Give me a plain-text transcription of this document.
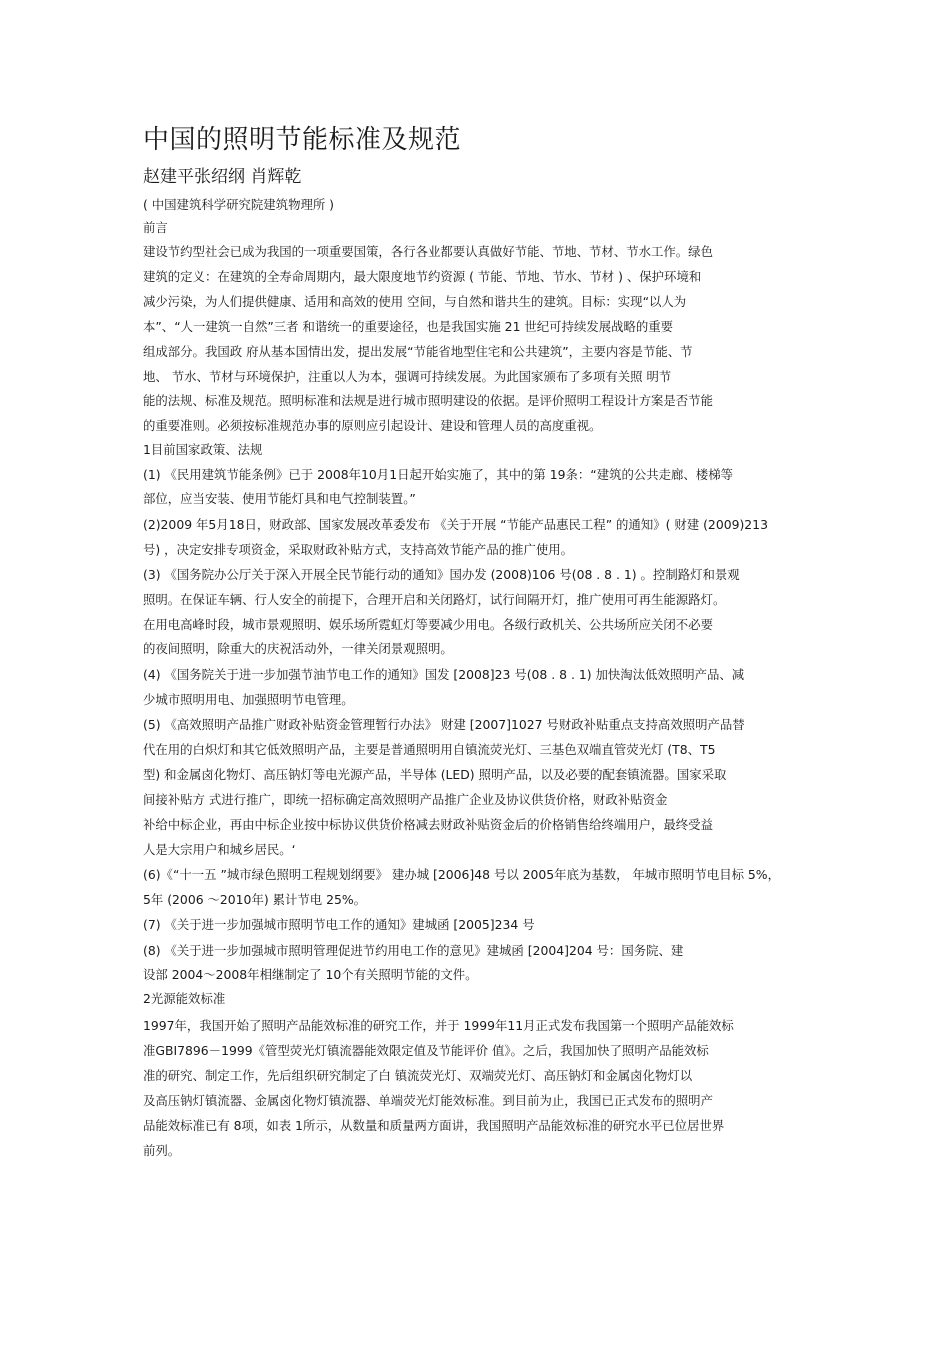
中国的照明节能标准及规范
赵建平张绍纲 肖辉乾
( 中国建筑科学研究院建筑物理所 )
前言
建设节约型社会已成为我国的一项重要国策，各行各业都要认真做好节能、节地、节材、节水工作。绿色
建筑的定义：在建筑的全寿命周期内，最大限度地节约资源 ( 节能、节地、节水、节材 ) 、保护环境和
减少污染，为人们提供健康、适用和高效的使用 空间，与自然和谐共生的建筑。目标：实现“以人为
本”、“人一建筑一自然”三者 和谐统一的重要途径，也是我国实施 21 世纪可持续发展战略的重要
组成部分。我国政 府从基本国情出发，提出发展“节能省地型住宅和公共建筑”，主要内容是节能、节
地、 节水、节材与环境保护，注重以人为本，强调可持续发展。为此国家颁布了多项有关照 明节
能的法规、标准及规范。照明标准和法规是进行城市照明建设的依据。是评价照明工程设计方案是否节能
的重要准则。必须按标准规范办事的原则应引起设计、建设和管理人员的高度重视。
1目前国家政策、法规
(1) 《民用建筑节能条例》已于 2008年10月1日起开始实施了，其中的第 19条：“建筑的公共走廊、楼梯等
部位，应当安装、使用节能灯具和电气控制装置。”
(2)2009 年5月18日，财政部、国家发展改革委发布 《关于开展 “节能产品惠民工程” 的通知》( 财建 (2009)213
号) ，决定安排专项资金，采取财政补贴方式，支持高效节能产品的推广使用。
(3) 《国务院办公厅关于深入开展全民节能行动的通知》国办发 (2008)106 号(08 . 8 . 1) 。控制路灯和景观
照明。在保证车辆、行人安全的前提下，合理开启和关闭路灯，试行间隔开灯，推广使用可再生能源路灯。
在用电高峰时段，城市景观照明、娱乐场所霓虹灯等要减少用电。各级行政机关、公共场所应关闭不必要
的夜间照明，除重大的庆祝活动外，一律关闭景观照明。
(4) 《国务院关于进一步加强节油节电工作的通知》国发 [2008]23 号(08 . 8 . 1) 加快淘汰低效照明产品、减
少城市照明用电、加强照明节电管理。
(5) 《高效照明产品推广财政补贴资金管理暂行办法》 财建 [2007]1027 号财政补贴重点支持高效照明产品替
代在用的白炽灯和其它低效照明产品，主要是普通照明用自镇流荧光灯、三基色双端直管荧光灯 (T8、T5
型) 和金属卤化物灯、高压钠灯等电光源产品，半导体 (LED) 照明产品，以及必要的配套镇流器。国家采取
间接补贴方 式进行推广，即统一招标确定高效照明产品推广企业及协议供货价格，财政补贴资金
补给中标企业，再由中标企业按中标协议供货价格减去财政补贴资金后的价格销售给终端用户，最终受益
人是大宗用户和城乡居民。‘
(6)《“十一五 ”城市绿色照明工程规划纲要》 建办城 [2006]48 号以 2005年底为基数， 年城市照明节电目标 5%，
5年 (2006 ～2010年) 累计节电 25%。
(7) 《关于进一步加强城市照明节电工作的通知》建城函 [2005]234 号
(8) 《关于进一步加强城市照明管理促进节约用电工作的意见》建城函 [2004]204 号：国务院、建
设部 2004～2008年相继制定了 10个有关照明节能的文件。
2光源能效标准
1997年，我国开始了照明产品能效标准的研究工作，并于 1999年11月正式发布我国第一个照明产品能效标
准GBI7896－1999《管型荧光灯镇流器能效限定值及节能评价 值》。之后，我国加快了照明产品能效标
准的研究、制定工作，先后组织研究制定了白 镇流荧光灯、双端荧光灯、高压钠灯和金属卤化物灯以
及高压钠灯镇流器、金属卤化物灯镇流器、单端荧光灯能效标准。到目前为止，我国已正式发布的照明产
品能效标准已有 8项，如表 1所示，从数量和质量两方面讲，我国照明产品能效标准的研究水平已位居世界
前列。
